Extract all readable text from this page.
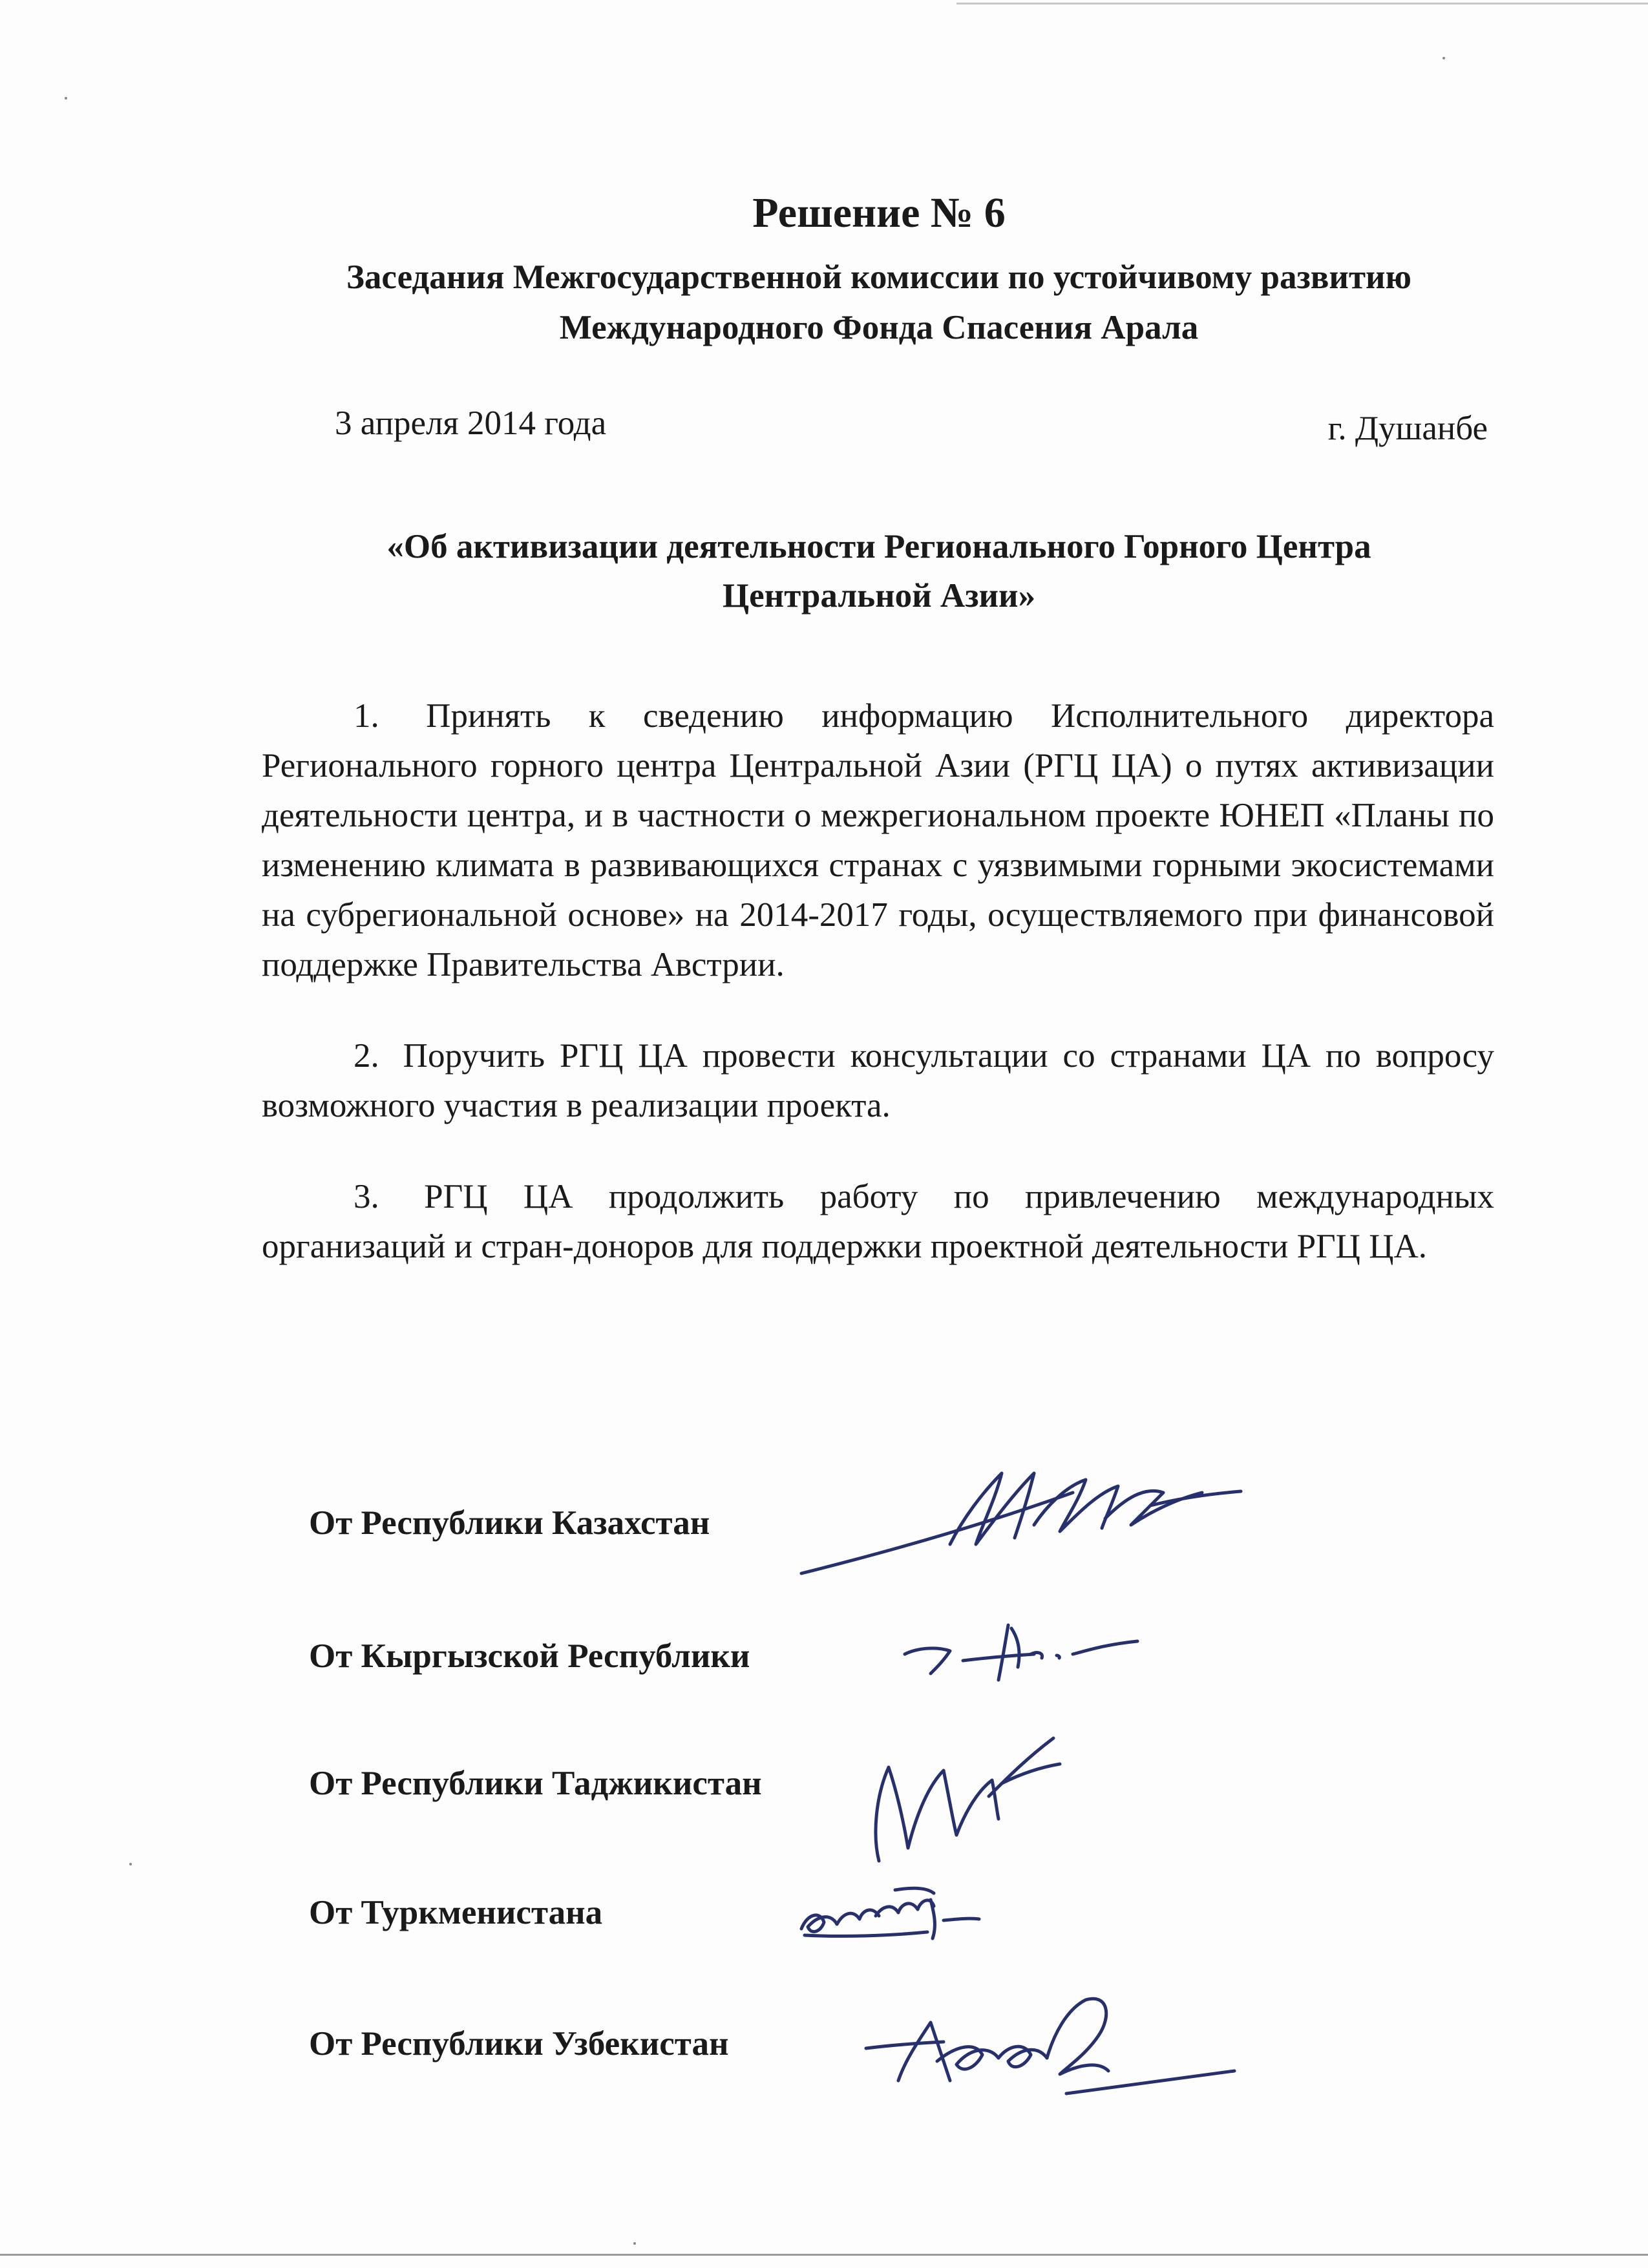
Решение № 6
Заседания Межгосударственной комиссии по устойчивому развитию
Международного Фонда Спасения Арала
3 апреля 2014 года	г. Душанбе
«Об активизации деятельности Регионального Горного Центра
Центральной Азии»

1. Принять к сведению информацию Исполнительного директора Регионального горного центра Центральной Азии (РГЦ ЦА) о путях активизации деятельности центра, и в частности о межрегиональном проекте ЮНЕП «Планы по изменению климата в развивающихся странах с уязвимыми горными экосистемами на субрегиональной основе» на 2014-2017 годы, осуществляемого при финансовой поддержке Правительства Австрии.

2. Поручить РГЦ ЦА провести консультации со странами ЦА по вопросу возможного участия в реализации проекта.

3. РГЦ ЦА продолжить работу по привлечению международных организаций и стран-доноров для поддержки проектной деятельности РГЦ ЦА.

От Республики Казахстан
От Кыргызской Республики
От Республики Таджикистан
От Туркменистана
От Республики Узбекистан
